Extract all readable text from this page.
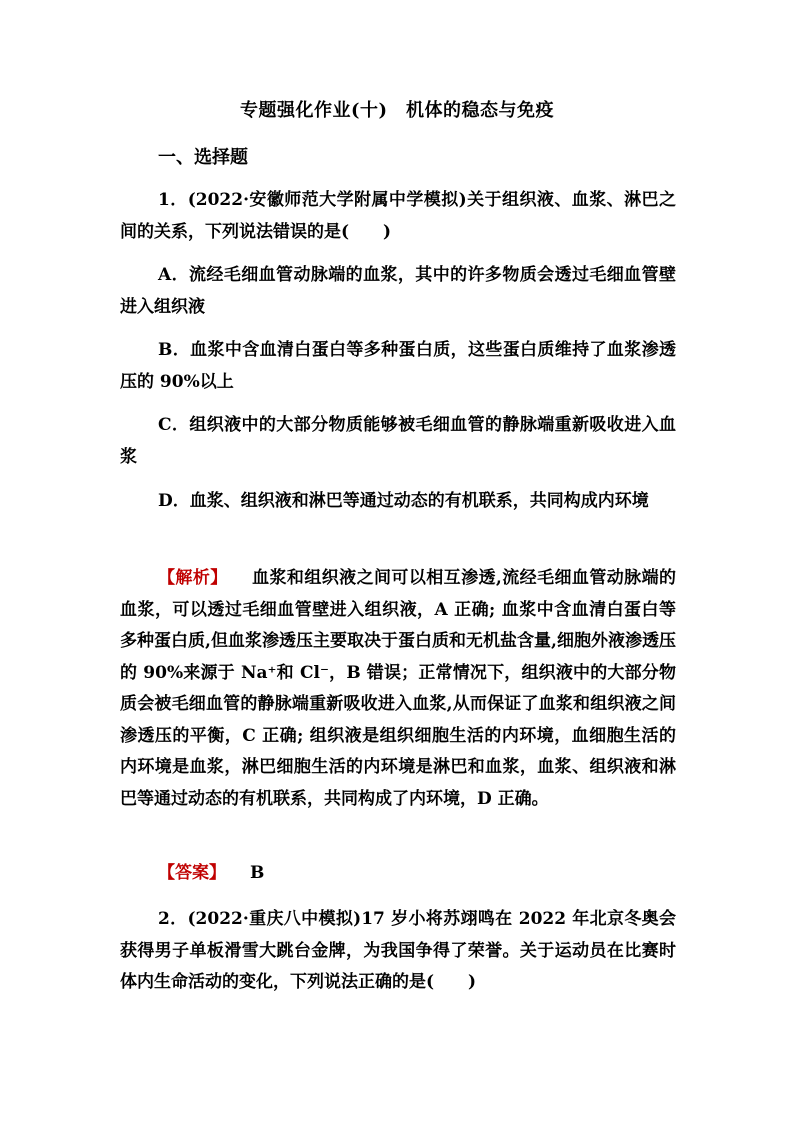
专题强化作业(十)　机体的稳态与免疫
一、选择题
1．(2022·安徽师范大学附属中学模拟)关于组织液、血浆、淋巴之间的关系，下列说法错误的是( )
A．流经毛细血管动脉端的血浆，其中的许多物质会透过毛细血管壁进入组织液
B．血浆中含血清白蛋白等多种蛋白质，这些蛋白质维持了血浆渗透压的 90%以上
C．组织液中的大部分物质能够被毛细血管的静脉端重新吸收进入血浆
D．血浆、组织液和淋巴等通过动态的有机联系，共同构成内环境
【解析】 血浆和组织液之间可以相互渗透,流经毛细血管动脉端的血浆，可以透过毛细血管壁进入组织液，A 正确; 血浆中含血清白蛋白等多种蛋白质,但血浆渗透压主要取决于蛋白质和无机盐含量,细胞外液渗透压的 90%来源于 Na⁺和 Cl⁻，B 错误；正常情况下，组织液中的大部分物质会被毛细血管的静脉端重新吸收进入血浆,从而保证了血浆和组织液之间渗透压的平衡，C 正确; 组织液是组织细胞生活的内环境，血细胞生活的内环境是血浆，淋巴细胞生活的内环境是淋巴和血浆，血浆、组织液和淋巴等通过动态的有机联系，共同构成了内环境，D 正确。
【答案】 B
2．(2022·重庆八中模拟)17 岁小将苏翊鸣在 2022 年北京冬奥会获得男子单板滑雪大跳台金牌，为我国争得了荣誉。关于运动员在比赛时体内生命活动的变化，下列说法正确的是( )
